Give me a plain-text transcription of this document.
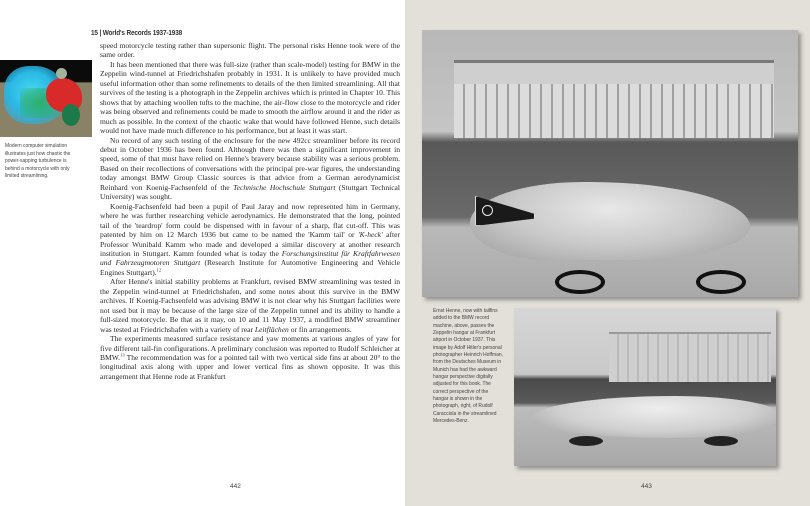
15 | World's Records 1937-1938
Modern computer simulation illustrates just how chaotic the power-sapping turbulence is behind a motorcycle with only limited streamlining.

speed motorcycle testing rather than supersonic flight. The personal risks Henne took were of the same order.

It has been mentioned that there was full-size (rather than scale-model) testing for BMW in the Zeppelin wind-tunnel at Friedrichshafen probably in 1931. It is unlikely to have provided much useful information other than some refinements to details of the then limited streamlining. All that survives of the testing is a photograph in the Zeppelin archives which is printed in Chapter 10. This shows that by attaching woollen tufts to the machine, the air-flow close to the motorcycle and rider was being observed and refinements could be made to smooth the airflow around it and the rider as much as possible. In the context of the chaotic wake that would have followed Henne, such details would not have made much difference to his performance, but at least it was start.

No record of any such testing of the enclosure for the new 492cc streamliner before its record debut in October 1936 has been found. Although there was then a significant improvement in speed, some of that must have relied on Henne's bravery because stability was a serious problem. Based on their recollections of conversations with the principal pre-war figures, the understanding today amongst BMW Group Classic sources is that advice from a German aerodynamicist Reinhard von Koenig-Fachsenfeld of the Technische Hochschule Stuttgart (Stuttgart Technical University) was sought.

Koenig-Fachsenfeld had been a pupil of Paul Jaray and now represented him in Germany, where he was further researching vehicle aerodynamics. He demonstrated that the long, pointed tail of the 'teardrop' form could be dispensed with in favour of a sharp, flat cut-off. This was patented by him on 12 March 1936 but came to be named the 'Kamm tail' or 'K-heck' after Professor Wunibald Kamm who made and developed a similar discovery at another research institution in Stuttgart. Kamm founded what is today the Forschungsinstitut für Kraftfahrwesen und Fahrzeugmotoren Stuttgart (Research Institute for Automotive Engineering and Vehicle Engines Stuttgart).$^{12}$

After Henne's initial stability problems at Frankfurt, revised BMW streamlining was tested in the Zeppelin wind-tunnel at Friedrichshafen, and some notes about this survive in the BMW archives. If Koenig-Fachsenfeld was advising BMW it is not clear why his Stuttgart facilities were not used but it may be because of the large size of the Zeppelin tunnel and its ability to handle a full-sized motorcycle. Be that as it may, on 10 and 11 May 1937, a modified BMW streamliner was tested at Friedrichshafen with a variety of rear Leitflächen or fin arrangements.

The experiments measured surface resistance and yaw moments at various angles of yaw for five different tail-fin configurations. A preliminary conclusion was reported to Rudolf Schleicher at BMW.$^{13}$ The recommendation was for a pointed tail with two vertical side fins at about 20° to the longitudinal axis along with upper and lower vertical fins as shown opposite. It was this arrangement that Henne rode at Frankfurt

442
Ernst Henne, now with tailfins added to the BMW record machine, above, passes the Zeppelin hangar at Frankfurt airport in October 1937. This image by Adolf Hitler's personal photographer Heinrich Hoffman, from the Deutsches Museum in Munich has had the awkward hangar perspective digitally adjusted for this book. The correct perspective of the hangar is shown in the photograph, right, of Rudolf Caracciola in the streamlined Mercedes-Benz.
443
